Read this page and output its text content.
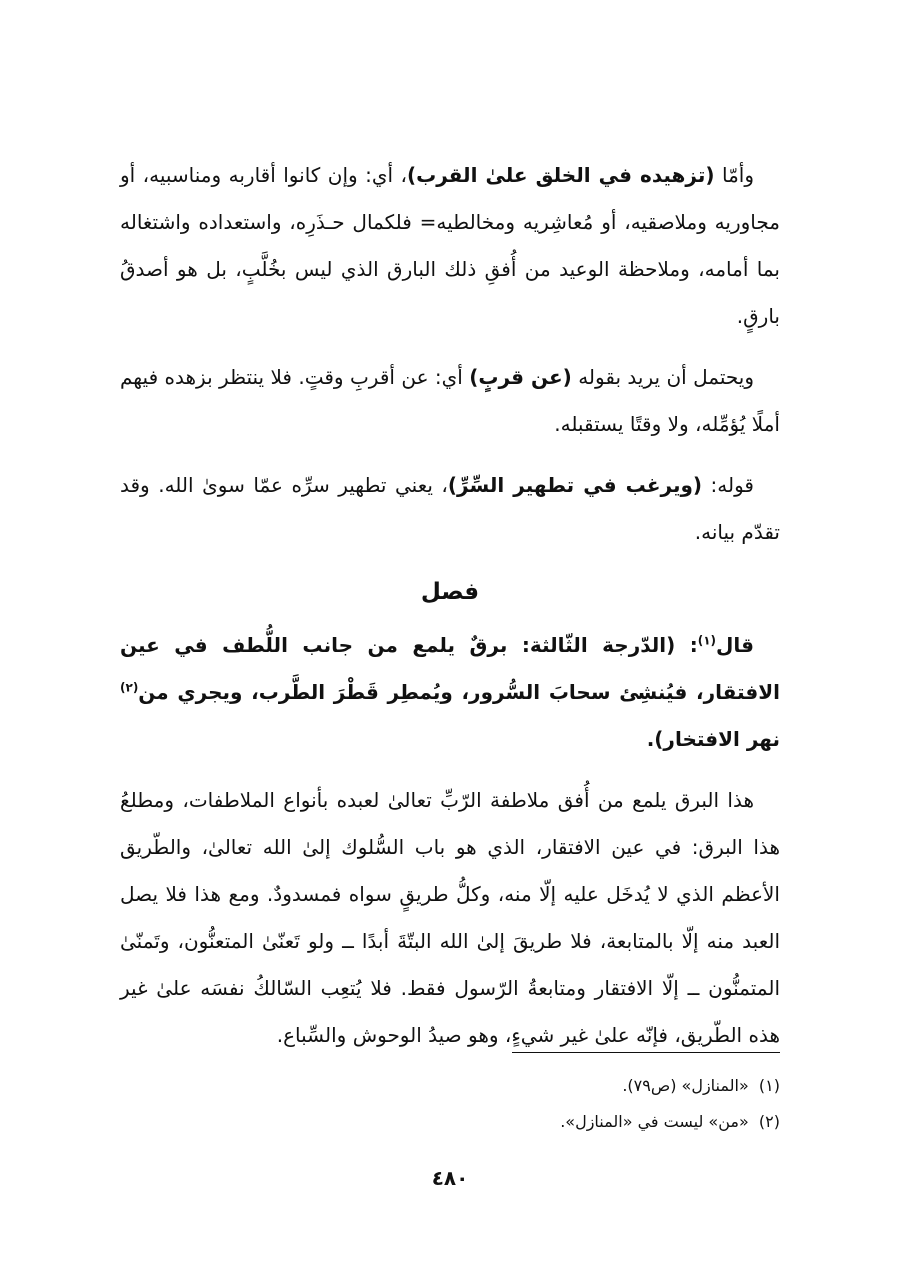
وأمّا (تزهيده في الخلق علىٰ القرب)، أي: وإن كانوا أقاربه ومناسبيه، أو مجاوريه وملاصقيه، أو مُعاشِريه ومخالطيه= فلكمال حـذَرِه، واستعداده واشتغاله بما أمامه، وملاحظة الوعيد من أُفقِ ذلك البارق الذي ليس بخُلَّبٍ، بل هو أصدقُ بارقٍ.

ويحتمل أن يريد بقوله (عن قربٍ) أي: عن أقربِ وقتٍ. فلا ينتظر بزهده فيهم أملًا يُؤمِّله، ولا وقتًا يستقبله.

قوله: (ويرغب في تطهير السِّرِّ)، يعني تطهير سرِّه عمّا سوىٰ الله. وقد تقدّم بيانه.

فصل

قال$^{(١)}$: (الدّرجة الثّالثة: برقٌ يلمع من جانب اللُّطف في عين الافتقار، فيُنشِئ سحابَ السُّرور، ويُمطِر قَطْرَ الطَّرب، ويجري من$^{(٢)}$ نهر الافتخار).

هذا البرق يلمع من أُفق ملاطفة الرّبِّ تعالىٰ لعبده بأنواع الملاطفات، ومطلعُ هذا البرق: في عين الافتقار، الذي هو باب السُّلوك إلىٰ الله تعالىٰ، والطّريق الأعظم الذي لا يُدخَل عليه إلّا منه، وكلُّ طريقٍ سواه فمسدودٌ. ومع هذا فلا يصل العبد منه إلّا بالمتابعة، فلا طريقَ إلىٰ الله البتّةَ أبدًا ــ ولو تَعنّىٰ المتعنُّون، وتَمنّىٰ المتمنُّون ــ إلّا الافتقار ومتابعةُ الرّسول فقط. فلا يُتعِب السّالكُ نفسَه علىٰ غير هذه الطّريق، فإنّه علىٰ غير شيءٍ، وهو صيدُ الوحوش والسِّباع.

(١)  «المنازل» (ص٧٩).

(٢)  «من» ليست في «المنازل».

٤٨٠
